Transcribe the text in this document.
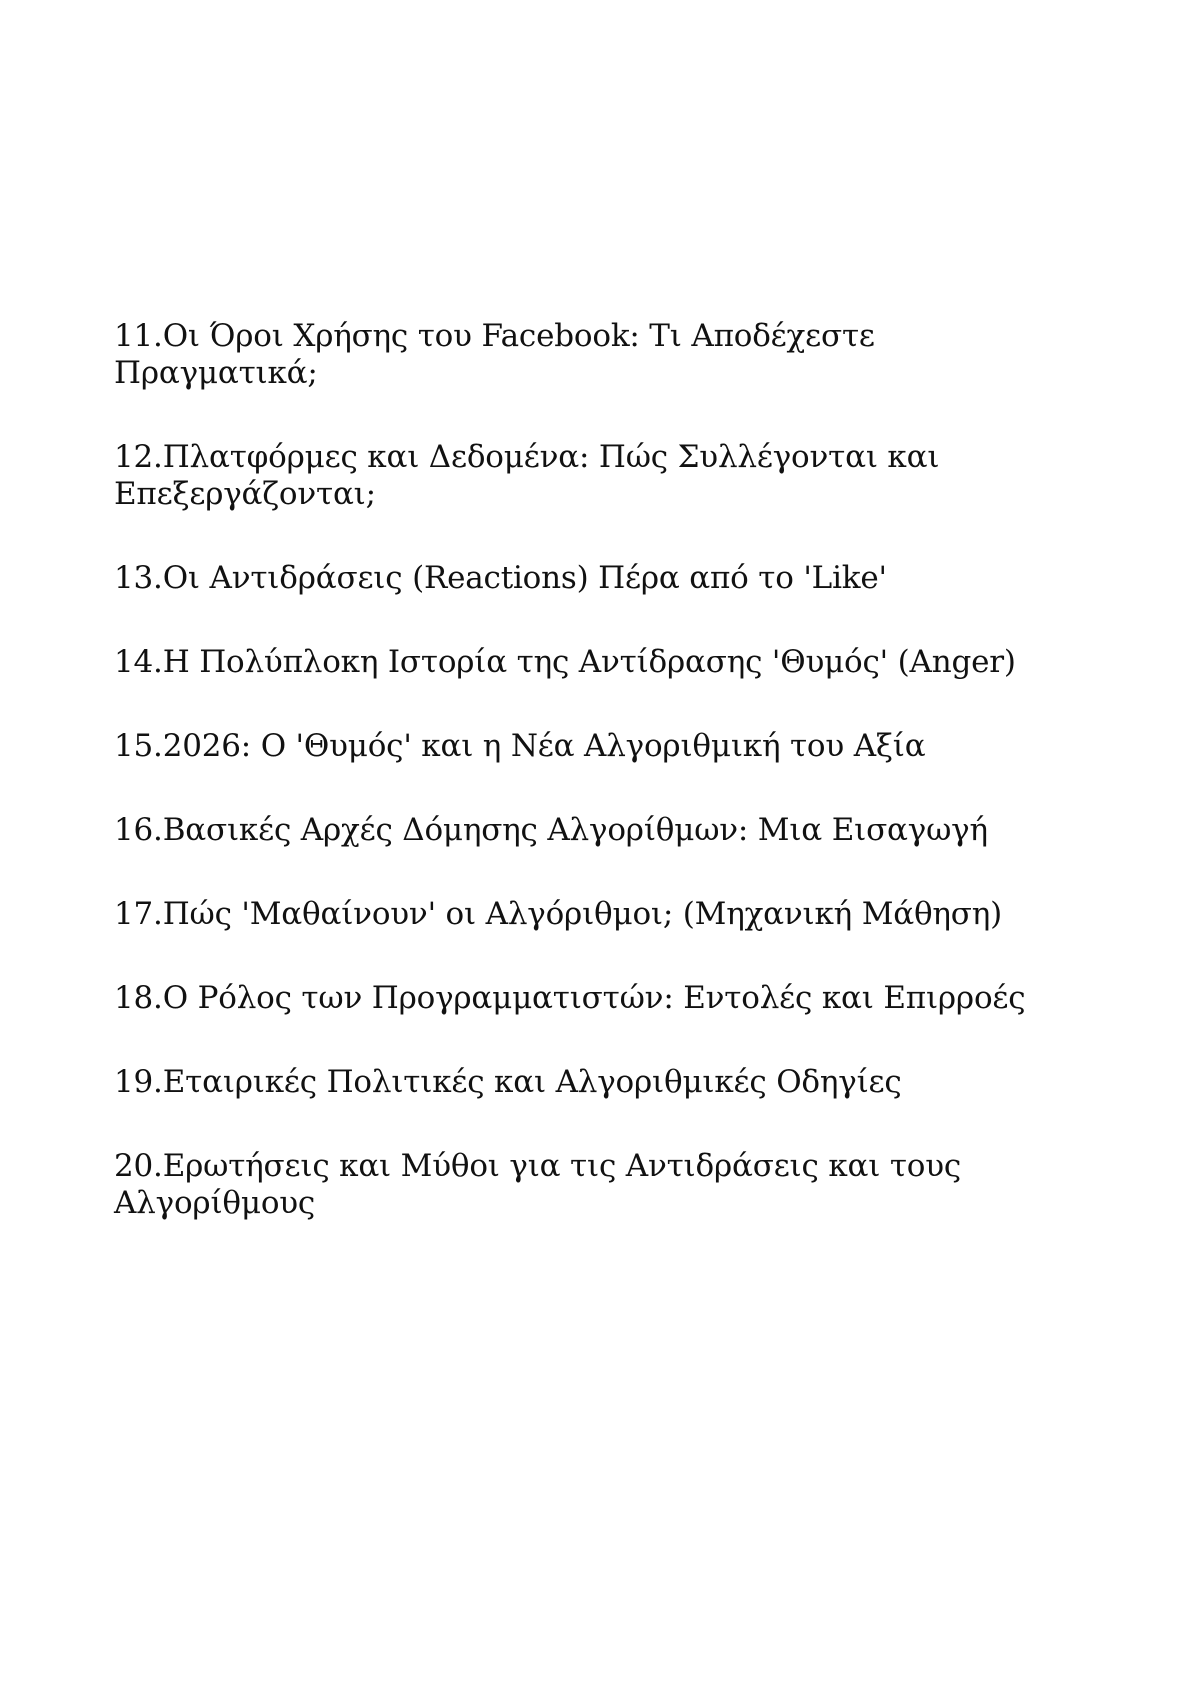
11.Οι Όροι Χρήσης του Facebook: Τι Αποδέχεστε Πραγματικά;
12.Πλατφόρμες και Δεδομένα: Πώς Συλλέγονται και Επεξεργάζονται;
13.Οι Αντιδράσεις (Reactions) Πέρα από το 'Like'
14.Η Πολύπλοκη Ιστορία της Αντίδρασης 'Θυμός' (Anger)
15.2026: Ο 'Θυμός' και η Νέα Αλγοριθμική του Αξία
16.Βασικές Αρχές Δόμησης Αλγορίθμων: Μια Εισαγωγή
17.Πώς 'Μαθαίνουν' οι Αλγόριθμοι; (Μηχανική Μάθηση)
18.Ο Ρόλος των Προγραμματιστών: Εντολές και Επιρροές
19.Εταιρικές Πολιτικές και Αλγοριθμικές Οδηγίες
20.Ερωτήσεις και Μύθοι για τις Αντιδράσεις και τους Αλγορίθμους
